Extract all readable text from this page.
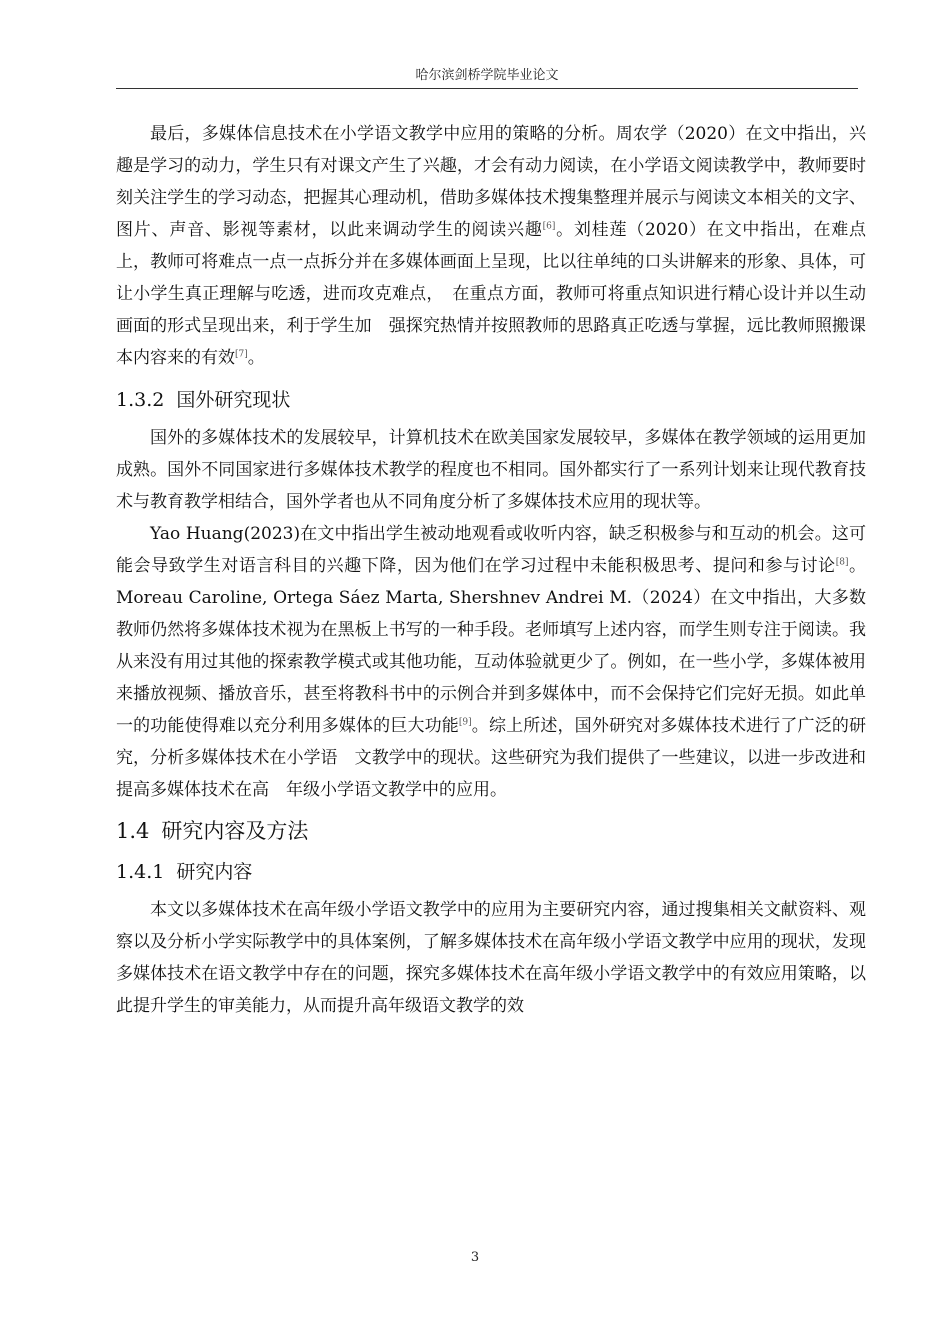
哈尔滨剑桥学院毕业论文

最后，多媒体信息技术在小学语文教学中应用的策略的分析。周农学（2020）在文中指出，兴趣是学习的动力，学生只有对课文产生了兴趣，才会有动力阅读，在小学语文阅读教学中，教师要时刻关注学生的学习动态，把握其心理动机，借助多媒体技术搜集整理并展示与阅读文本相关的文字、图片、声音、影视等素材，以此来调动学生的阅读兴趣[6]。刘桂莲（2020）在文中指出，在难点上，教师可将难点一点一点拆分并在多媒体画面上呈现，比以往单纯的口头讲解来的形象、具体，可让小学生真正理解与吃透，进而攻克难点，　在重点方面，教师可将重点知识进行精心设计并以生动画面的形式呈现出来，利于学生加　强探究热情并按照教师的思路真正吃透与掌握，远比教师照搬课本内容来的有效[7]。

1.3.2 国外研究现状

国外的多媒体技术的发展较早，计算机技术在欧美国家发展较早，多媒体在教学领域的运用更加成熟。国外不同国家进行多媒体技术教学的程度也不相同。国外都实行了一系列计划来让现代教育技术与教育教学相结合，国外学者也从不同角度分析了多媒体技术应用的现状等。

Yao Huang(2023)在文中指出学生被动地观看或收听内容，缺乏积极参与和互动的机会。这可能会导致学生对语言科目的兴趣下降，因为他们在学习过程中未能积极思考、提问和参与讨论[8]。Moreau Caroline, Ortega Sáez Marta, Shershnev Andrei M.（2024）在文中指出，大多数教师仍然将多媒体技术视为在黑板上书写的一种手段。老师填写上述内容，而学生则专注于阅读。我从来没有用过其他的探索教学模式或其他功能，互动体验就更少了。例如，在一些小学，多媒体被用来播放视频、播放音乐，甚至将教科书中的示例合并到多媒体中，而不会保持它们完好无损。如此单一的功能使得难以充分利用多媒体的巨大功能[9]。综上所述，国外研究对多媒体技术进行了广泛的研究，分析多媒体技术在小学语　文教学中的现状。这些研究为我们提供了一些建议，以进一步改进和提高多媒体技术在高　年级小学语文教学中的应用。

1.4 研究内容及方法
1.4.1 研究内容

本文以多媒体技术在高年级小学语文教学中的应用为主要研究内容，通过搜集相关文献资料、观察以及分析小学实际教学中的具体案例，了解多媒体技术在高年级小学语文教学中应用的现状，发现多媒体技术在语文教学中存在的问题，探究多媒体技术在高年级小学语文教学中的有效应用策略，以此提升学生的审美能力，从而提升高年级语文教学的效

3
